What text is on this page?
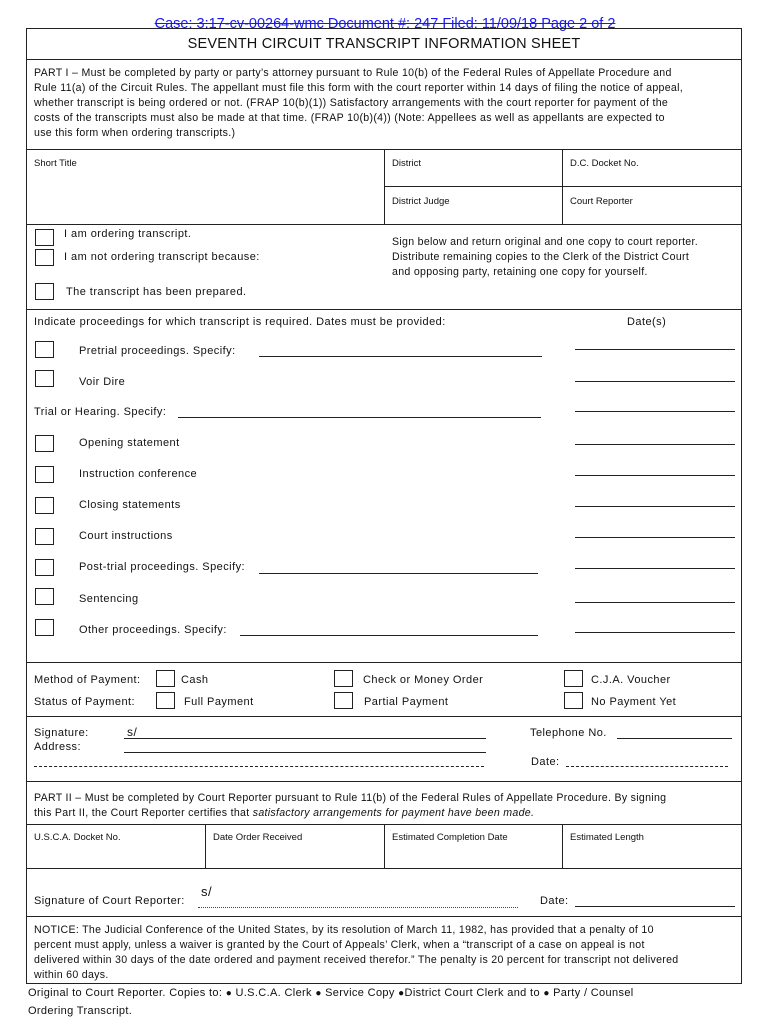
Case: 3:17-cv-00264-wmc Document #: 247 Filed: 11/09/18 Page 2 of 2
SEVENTH CIRCUIT TRANSCRIPT INFORMATION SHEET
PART I – Must be completed by party or party’s attorney pursuant to Rule 10(b) of the Federal Rules of Appellate Procedure and
Rule 11(a) of the Circuit Rules. The appellant must file this form with the court reporter within 14 days of filing the notice of appeal,
whether transcript is being ordered or not. (FRAP 10(b)(1)) Satisfactory arrangements with the court reporter for payment of the
costs of the transcripts must also be made at that time. (FRAP 10(b)(4)) (Note: Appellees as well as appellants are expected to
use this form when ordering transcripts.)
Short Title	District	D.C. Docket No.
District Judge	Court Reporter
I am ordering transcript.
I am not ordering transcript because:
The transcript has been prepared.
Sign below and return original and one copy to court reporter.
Distribute remaining copies to the Clerk of the District Court
and opposing party, retaining one copy for yourself.
Indicate proceedings for which transcript is required. Dates must be provided:	Date(s)
Pretrial proceedings. Specify:
Voir Dire
Trial or Hearing. Specify:
Opening statement
Instruction conference
Closing statements
Court instructions
Post-trial proceedings. Specify:
Sentencing
Other proceedings. Specify:
Method of Payment:	Cash	Check or Money Order	C.J.A. Voucher
Status of Payment:	Full Payment	Partial Payment	No Payment Yet
Signature:	s/
Address:
Telephone No.
Date:
PART II – Must be completed by Court Reporter pursuant to Rule 11(b) of the Federal Rules of Appellate Procedure. By signing
this Part II, the Court Reporter certifies that satisfactory arrangements for payment have been made.
U.S.C.A. Docket No.	Date Order Received	Estimated Completion Date	Estimated Length
Signature of Court Reporter:
s/
Date:
NOTICE: The Judicial Conference of the United States, by its resolution of March 11, 1982, has provided that a penalty of 10
percent must apply, unless a waiver is granted by the Court of Appeals’ Clerk, when a “transcript of a case on appeal is not
delivered within 30 days of the date ordered and payment received therefor.” The penalty is 20 percent for transcript not delivered
within 60 days.
Original to Court Reporter. Copies to: ● U.S.C.A. Clerk ● Service Copy ●District Court Clerk and to ● Party / Counsel
Ordering Transcript.
